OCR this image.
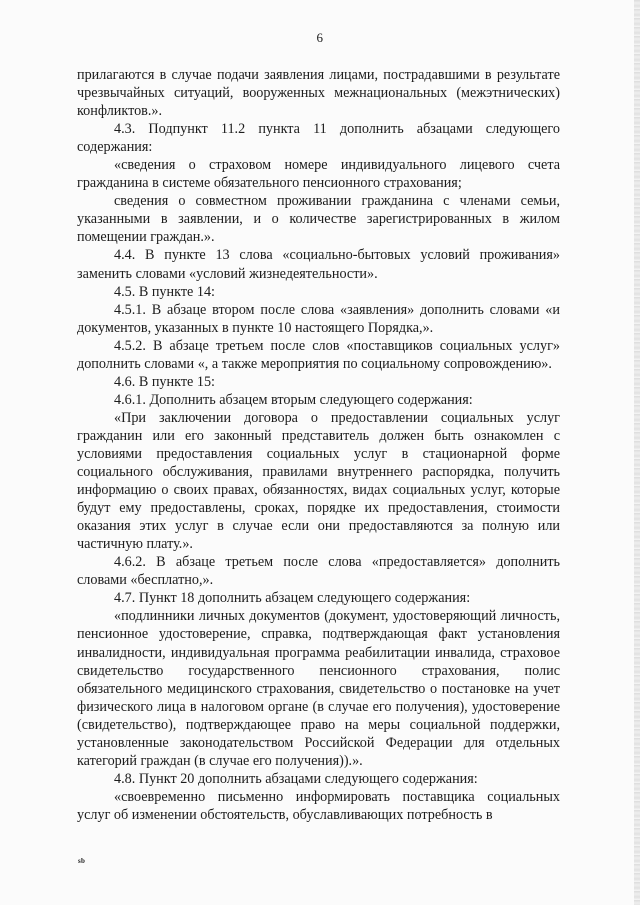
6

прилагаются в случае подачи заявления лицами, пострадавшими в результате чрезвычайных ситуаций, вооруженных межнациональных (межэтнических) конфликтов.».

4.3. Подпункт 11.2 пункта 11 дополнить абзацами следующего содержания:

«сведения о страховом номере индивидуального лицевого счета гражданина в системе обязательного пенсионного страхования;

сведения о совместном проживании гражданина с членами семьи, указанными в заявлении, и о количестве зарегистрированных в жилом помещении граждан.».

4.4. В пункте 13 слова «социально-бытовых условий проживания» заменить словами «условий жизнедеятельности».

4.5. В пункте 14:

4.5.1. В абзаце втором после слова «заявления» дополнить словами «и документов, указанных в пункте 10 настоящего Порядка,».

4.5.2. В абзаце третьем после слов «поставщиков социальных услуг» дополнить словами «, а также мероприятия по социальному сопровождению».

4.6. В пункте 15:

4.6.1. Дополнить абзацем вторым следующего содержания:

«При заключении договора о предоставлении социальных услуг гражданин или его законный представитель должен быть ознакомлен с условиями предоставления социальных услуг в стационарной форме социального обслуживания, правилами внутреннего распорядка, получить информацию о своих правах, обязанностях, видах социальных услуг, которые будут ему предоставлены, сроках, порядке их предоставления, стоимости оказания этих услуг в случае если они предоставляются за полную или частичную плату.».

4.6.2. В абзаце третьем после слова «предоставляется» дополнить словами «бесплатно,».

4.7. Пункт 18 дополнить абзацем следующего содержания:

«подлинники личных документов (документ, удостоверяющий личность, пенсионное удостоверение, справка, подтверждающая факт установления инвалидности, индивидуальная программа реабилитации инвалида, страховое свидетельство государственного пенсионного страхования, полис обязательного медицинского страхования, свидетельство о постановке на учет физического лица в налоговом органе (в случае его получения), удостоверение (свидетельство), подтверждающее право на меры социальной поддержки, установленные законодательством Российской Федерации для отдельных категорий граждан (в случае его получения)).».

4.8. Пункт 20 дополнить абзацами следующего содержания:

«своевременно письменно информировать поставщика социальных услуг об изменении обстоятельств, обуславливающих потребность в

sb
